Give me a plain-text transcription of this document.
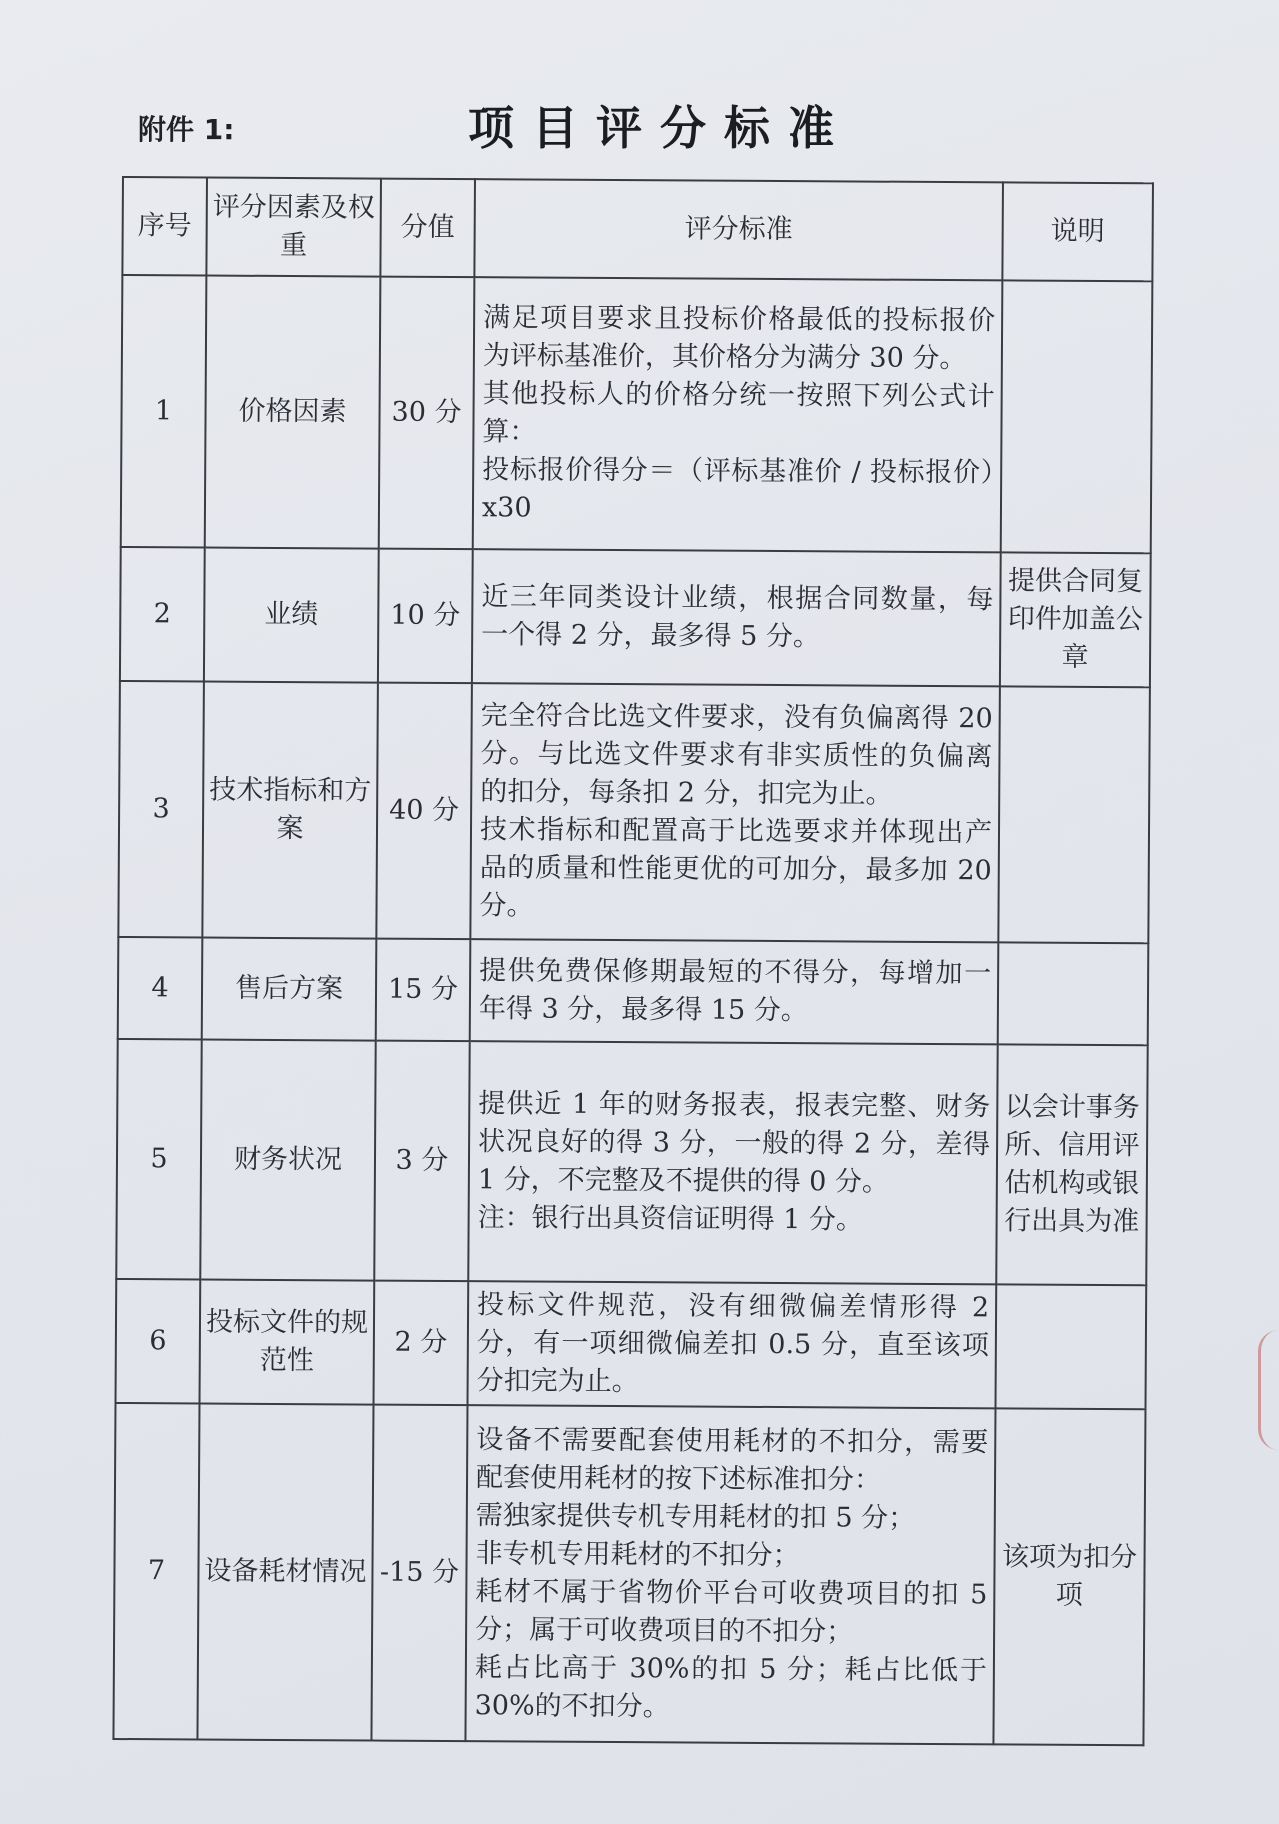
附件 1:	项目评分标准
序号	评分因素及权重	分值	评分标准	说明
1	价格因素	30 分	满足项目要求且投标价格最低的投标报价为评标基准价，其价格分为满分 30 分。
其他投标人的价格分统一按照下列公式计算：
投标报价得分＝（评标基准价 / 投标报价）x30	

2	业绩	10 分	近三年同类设计业绩，根据合同数量，每一个得 2 分，最多得 5 分。	提供合同复印件加盖公章
3	技术指标和方案	40 分	完全符合比选文件要求，没有负偏离得 20 分。与比选文件要求有非实质性的负偏离的扣分，每条扣 2 分，扣完为止。
技术指标和配置高于比选要求并体现出产品的质量和性能更优的可加分，最多加 20 分。	

4	售后方案	15 分	提供免费保修期最短的不得分，每增加一年得 3 分，最多得 15 分。	

5	财务状况	3 分	提供近 1 年的财务报表，报表完整、财务状况良好的得 3 分，一般的得 2 分，差得 1 分，不完整及不提供的得 0 分。
注：银行出具资信证明得 1 分。	以会计事务所、信用评估机构或银行出具为准
6	投标文件的规范性	2 分	投标文件规范，没有细微偏差情形得 2 分，有一项细微偏差扣 0.5 分，直至该项分扣完为止。	

7	设备耗材情况	-15 分	设备不需要配套使用耗材的不扣分，需要配套使用耗材的按下述标准扣分：
需独家提供专机专用耗材的扣 5 分；
非专机专用耗材的不扣分；
耗材不属于省物价平台可收费项目的扣 5 分；属于可收费项目的不扣分；
耗占比高于 30%的扣 5 分；耗占比低于 30%的不扣分。	该项为扣分项
